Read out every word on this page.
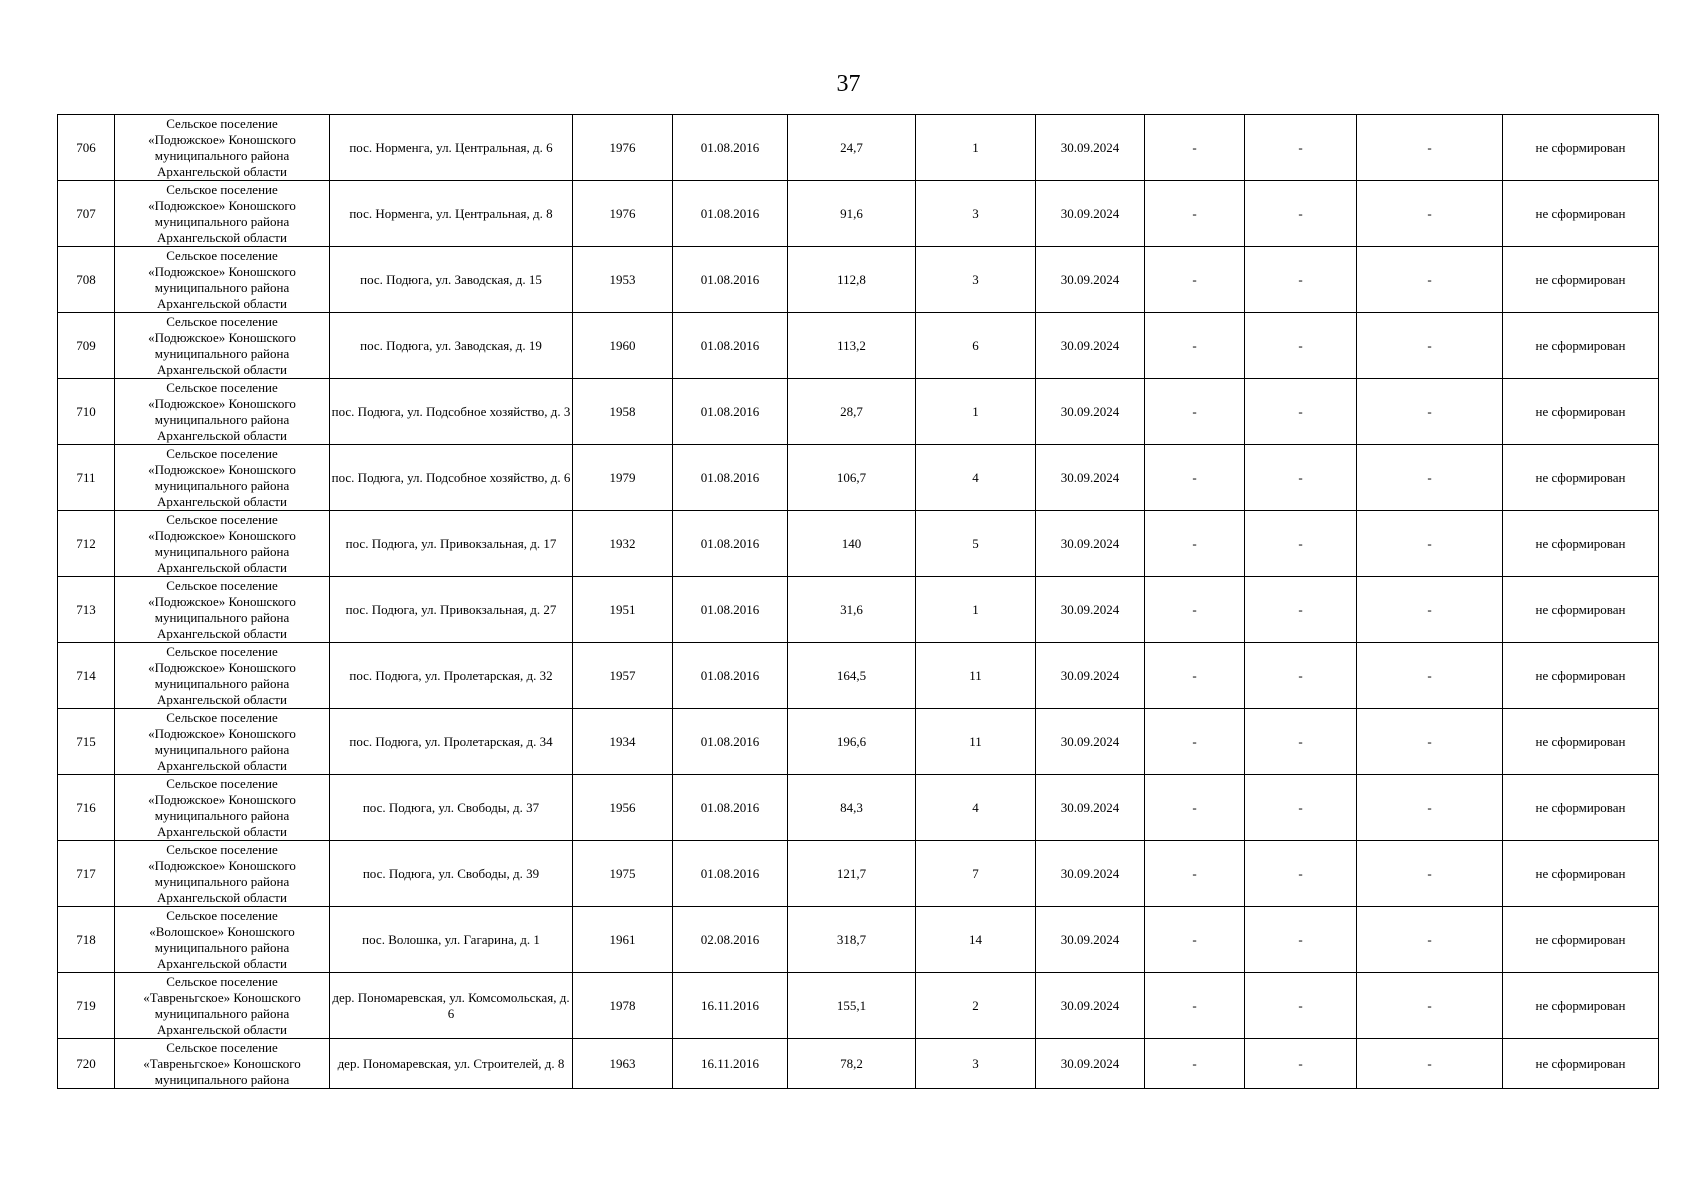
37
706	Сельское поселение
«Подюжское» Коношского
муниципального района
Архангельской области	пос. Норменга, ул. Центральная, д. 6	1976	01.08.2016	24,7	1	30.09.2024	-	-	-	не сформирован
707	Сельское поселение
«Подюжское» Коношского
муниципального района
Архангельской области	пос. Норменга, ул. Центральная, д. 8	1976	01.08.2016	91,6	3	30.09.2024	-	-	-	не сформирован
708	Сельское поселение
«Подюжское» Коношского
муниципального района
Архангельской области	пос. Подюга, ул. Заводская, д. 15	1953	01.08.2016	112,8	3	30.09.2024	-	-	-	не сформирован
709	Сельское поселение
«Подюжское» Коношского
муниципального района
Архангельской области	пос. Подюга, ул. Заводская, д. 19	1960	01.08.2016	113,2	6	30.09.2024	-	-	-	не сформирован
710	Сельское поселение
«Подюжское» Коношского
муниципального района
Архангельской области	пос. Подюга, ул. Подсобное хозяйство, д. 3	1958	01.08.2016	28,7	1	30.09.2024	-	-	-	не сформирован
711	Сельское поселение
«Подюжское» Коношского
муниципального района
Архангельской области	пос. Подюга, ул. Подсобное хозяйство, д. 6	1979	01.08.2016	106,7	4	30.09.2024	-	-	-	не сформирован
712	Сельское поселение
«Подюжское» Коношского
муниципального района
Архангельской области	пос. Подюга, ул. Привокзальная, д. 17	1932	01.08.2016	140	5	30.09.2024	-	-	-	не сформирован
713	Сельское поселение
«Подюжское» Коношского
муниципального района
Архангельской области	пос. Подюга, ул. Привокзальная, д. 27	1951	01.08.2016	31,6	1	30.09.2024	-	-	-	не сформирован
714	Сельское поселение
«Подюжское» Коношского
муниципального района
Архангельской области	пос. Подюга, ул. Пролетарская, д. 32	1957	01.08.2016	164,5	11	30.09.2024	-	-	-	не сформирован
715	Сельское поселение
«Подюжское» Коношского
муниципального района
Архангельской области	пос. Подюга, ул. Пролетарская, д. 34	1934	01.08.2016	196,6	11	30.09.2024	-	-	-	не сформирован
716	Сельское поселение
«Подюжское» Коношского
муниципального района
Архангельской области	пос. Подюга, ул. Свободы, д. 37	1956	01.08.2016	84,3	4	30.09.2024	-	-	-	не сформирован
717	Сельское поселение
«Подюжское» Коношского
муниципального района
Архангельской области	пос. Подюга, ул. Свободы, д. 39	1975	01.08.2016	121,7	7	30.09.2024	-	-	-	не сформирован
718	Сельское поселение
«Волошское» Коношского
муниципального района
Архангельской области	пос. Волошка, ул. Гагарина, д. 1	1961	02.08.2016	318,7	14	30.09.2024	-	-	-	не сформирован
719	Сельское поселение
«Тавреньгское» Коношского
муниципального района
Архангельской области	дер. Пономаревская, ул. Комсомольская, д. 6	1978	16.11.2016	155,1	2	30.09.2024	-	-	-	не сформирован
720	Сельское поселение
«Тавреньгское» Коношского
муниципального района	дер. Пономаревская, ул. Строителей, д. 8	1963	16.11.2016	78,2	3	30.09.2024	-	-	-	не сформирован
